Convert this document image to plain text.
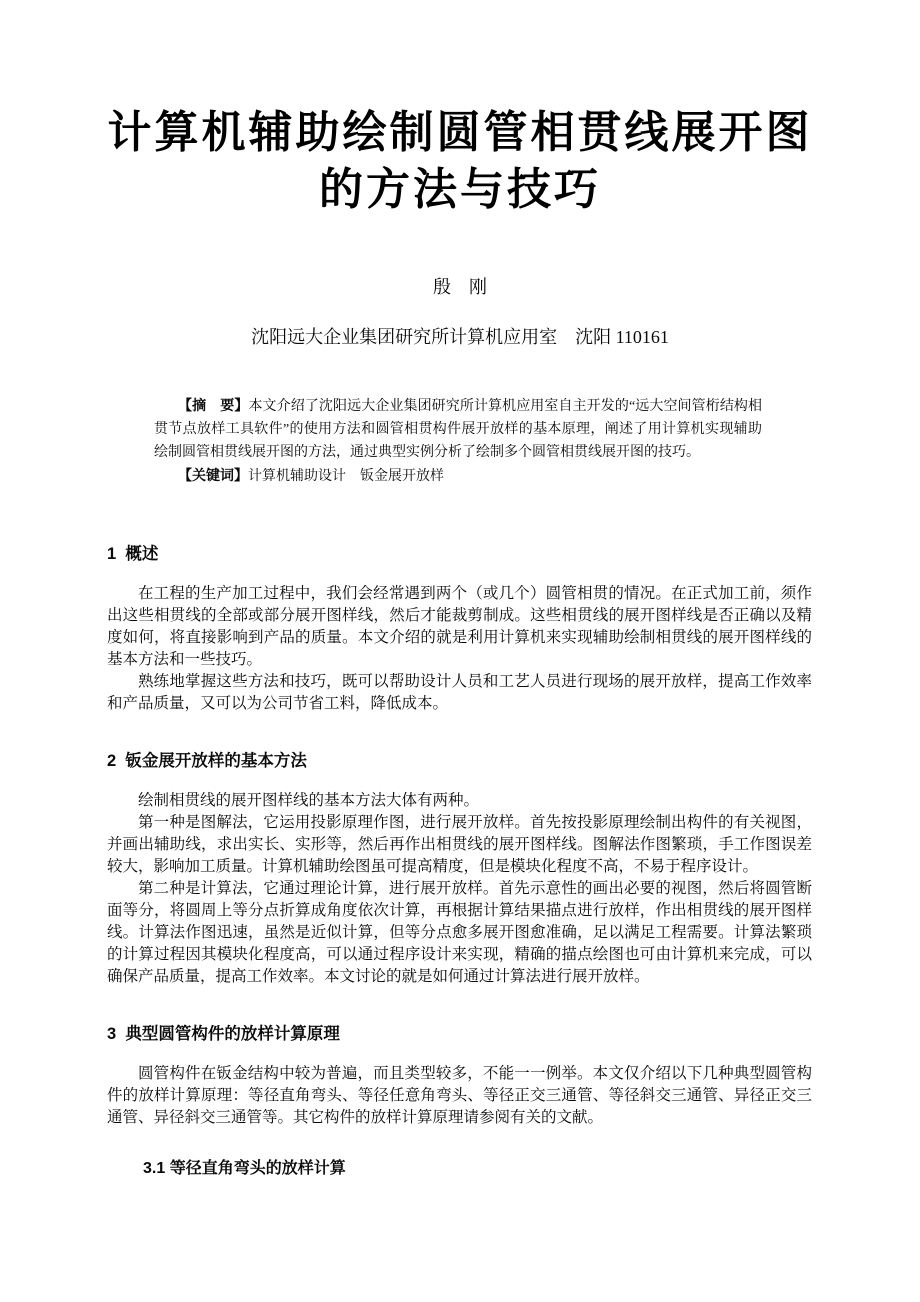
计算机辅助绘制圆管相贯线展开图
的方法与技巧
殷　刚
沈阳远大企业集团研究所计算机应用室　沈阳 110161

【摘　要】本文介绍了沈阳远大企业集团研究所计算机应用室自主开发的“远大空间管桁结构相贯节点放样工具软件”的使用方法和圆管相贯构件展开放样的基本原理，阐述了用计算机实现辅助绘制圆管相贯线展开图的方法，通过典型实例分析了绘制多个圆管相贯线展开图的技巧。

【关键词】计算机辅助设计　钣金展开放样

1  概述

在工程的生产加工过程中，我们会经常遇到两个（或几个）圆管相贯的情况。在正式加工前，须作出这些相贯线的全部或部分展开图样线，然后才能裁剪制成。这些相贯线的展开图样线是否正确以及精度如何，将直接影响到产品的质量。本文介绍的就是利用计算机来实现辅助绘制相贯线的展开图样线的基本方法和一些技巧。

熟练地掌握这些方法和技巧，既可以帮助设计人员和工艺人员进行现场的展开放样，提高工作效率和产品质量，又可以为公司节省工料，降低成本。

2  钣金展开放样的基本方法

绘制相贯线的展开图样线的基本方法大体有两种。

第一种是图解法，它运用投影原理作图，进行展开放样。首先按投影原理绘制出构件的有关视图，并画出辅助线，求出实长、实形等，然后再作出相贯线的展开图样线。图解法作图繁琐，手工作图误差较大，影响加工质量。计算机辅助绘图虽可提高精度，但是模块化程度不高，不易于程序设计。

第二种是计算法，它通过理论计算，进行展开放样。首先示意性的画出必要的视图，然后将圆管断面等分，将圆周上等分点折算成角度依次计算，再根据计算结果描点进行放样，作出相贯线的展开图样线。计算法作图迅速，虽然是近似计算，但等分点愈多展开图愈准确，足以满足工程需要。计算法繁琐的计算过程因其模块化程度高，可以通过程序设计来实现，精确的描点绘图也可由计算机来完成，可以确保产品质量，提高工作效率。本文讨论的就是如何通过计算法进行展开放样。

3  典型圆管构件的放样计算原理

圆管构件在钣金结构中较为普遍，而且类型较多，不能一一例举。本文仅介绍以下几种典型圆管构件的放样计算原理：等径直角弯头、等径任意角弯头、等径正交三通管、等径斜交三通管、异径正交三通管、异径斜交三通管等。其它构件的放样计算原理请参阅有关的文献。

3.1 等径直角弯头的放样计算
